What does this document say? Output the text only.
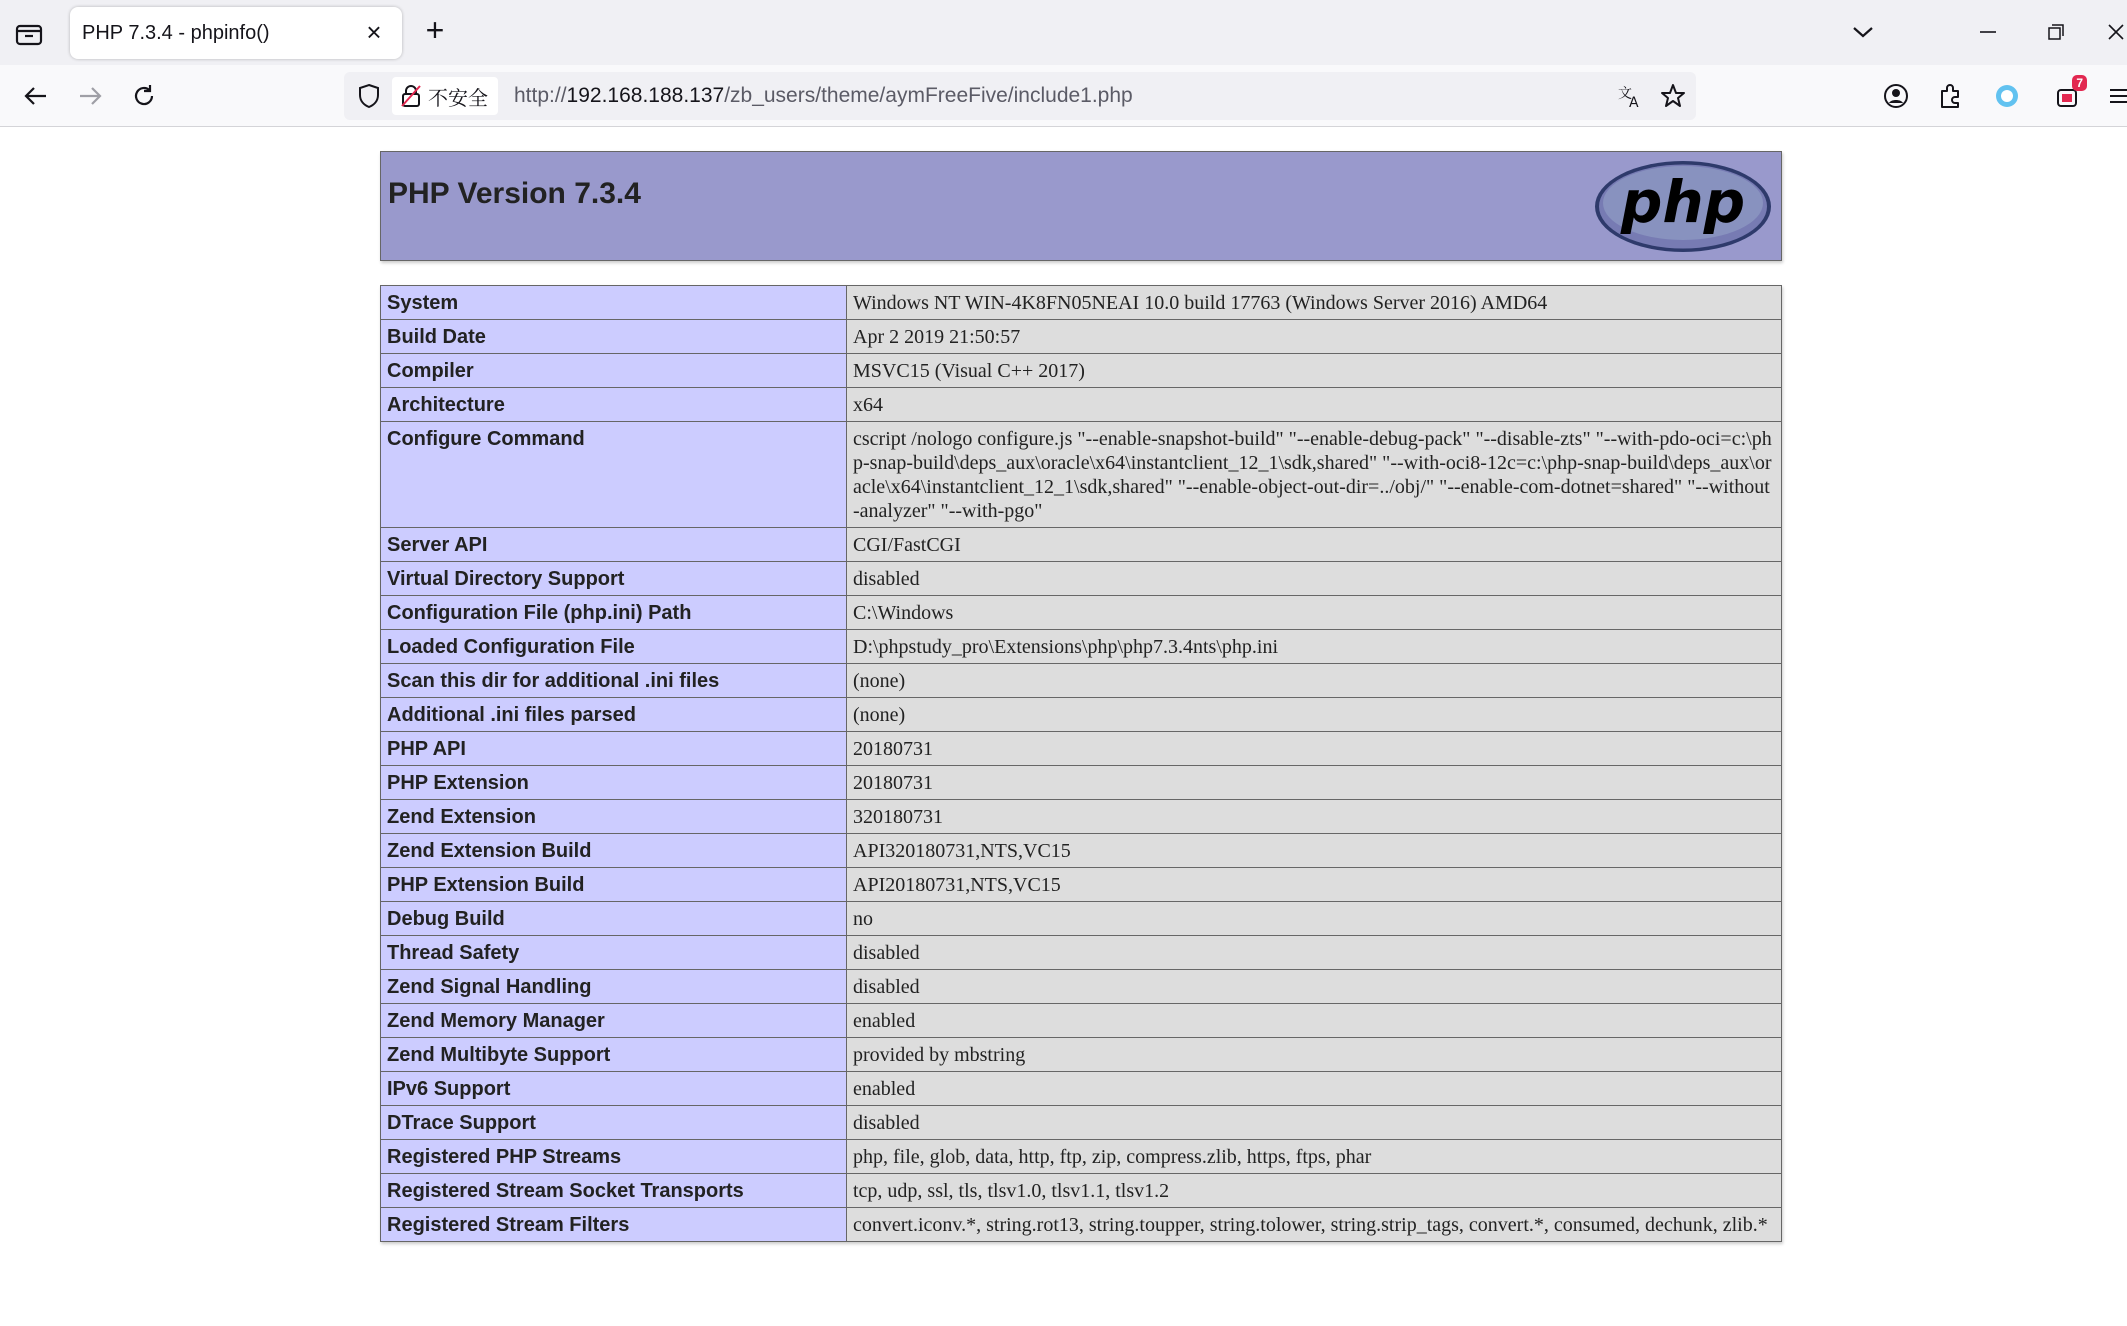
PHP 7.3.4 - phpinfo()	× +
不安全 http://192.168.188.137/zb_users/theme/aymFreeFive/include1.php	文
A
7
PHP Version 7.3.4	php
System	Windows NT WIN-4K8FN05NEAI 10.0 build 17763 (Windows Server 2016) AMD64
Build Date	Apr 2 2019 21:50:57
Compiler	MSVC15 (Visual C++ 2017)
Architecture	x64
Configure Command	cscript /nologo configure.js "--enable-snapshot-build" "--enable-debug-pack" "--disable-zts" "--with-pdo-oci=c:\php-snap-build\deps_aux\oracle\x64\instantclient_12_1\sdk,shared" "--with-oci8-12c=c:\php-snap-build\deps_aux\oracle\x64\instantclient_12_1\sdk,shared" "--enable-object-out-dir=../obj/" "--enable-com-dotnet=shared" "--without-analyzer" "--with-pgo"
Server API	CGI/FastCGI
Virtual Directory Support	disabled
Configuration File (php.ini) Path	C:\Windows
Loaded Configuration File	D:\phpstudy_pro\Extensions\php\php7.3.4nts\php.ini
Scan this dir for additional .ini files	(none)
Additional .ini files parsed	(none)
PHP API	20180731
PHP Extension	20180731
Zend Extension	320180731
Zend Extension Build	API320180731,NTS,VC15
PHP Extension Build	API20180731,NTS,VC15
Debug Build	no
Thread Safety	disabled
Zend Signal Handling	disabled
Zend Memory Manager	enabled
Zend Multibyte Support	provided by mbstring
IPv6 Support	enabled
DTrace Support	disabled
Registered PHP Streams	php, file, glob, data, http, ftp, zip, compress.zlib, https, ftps, phar
Registered Stream Socket Transports	tcp, udp, ssl, tls, tlsv1.0, tlsv1.1, tlsv1.2
Registered Stream Filters	convert.iconv.*, string.rot13, string.toupper, string.tolower, string.strip_tags, convert.*, consumed, dechunk, zlib.*
